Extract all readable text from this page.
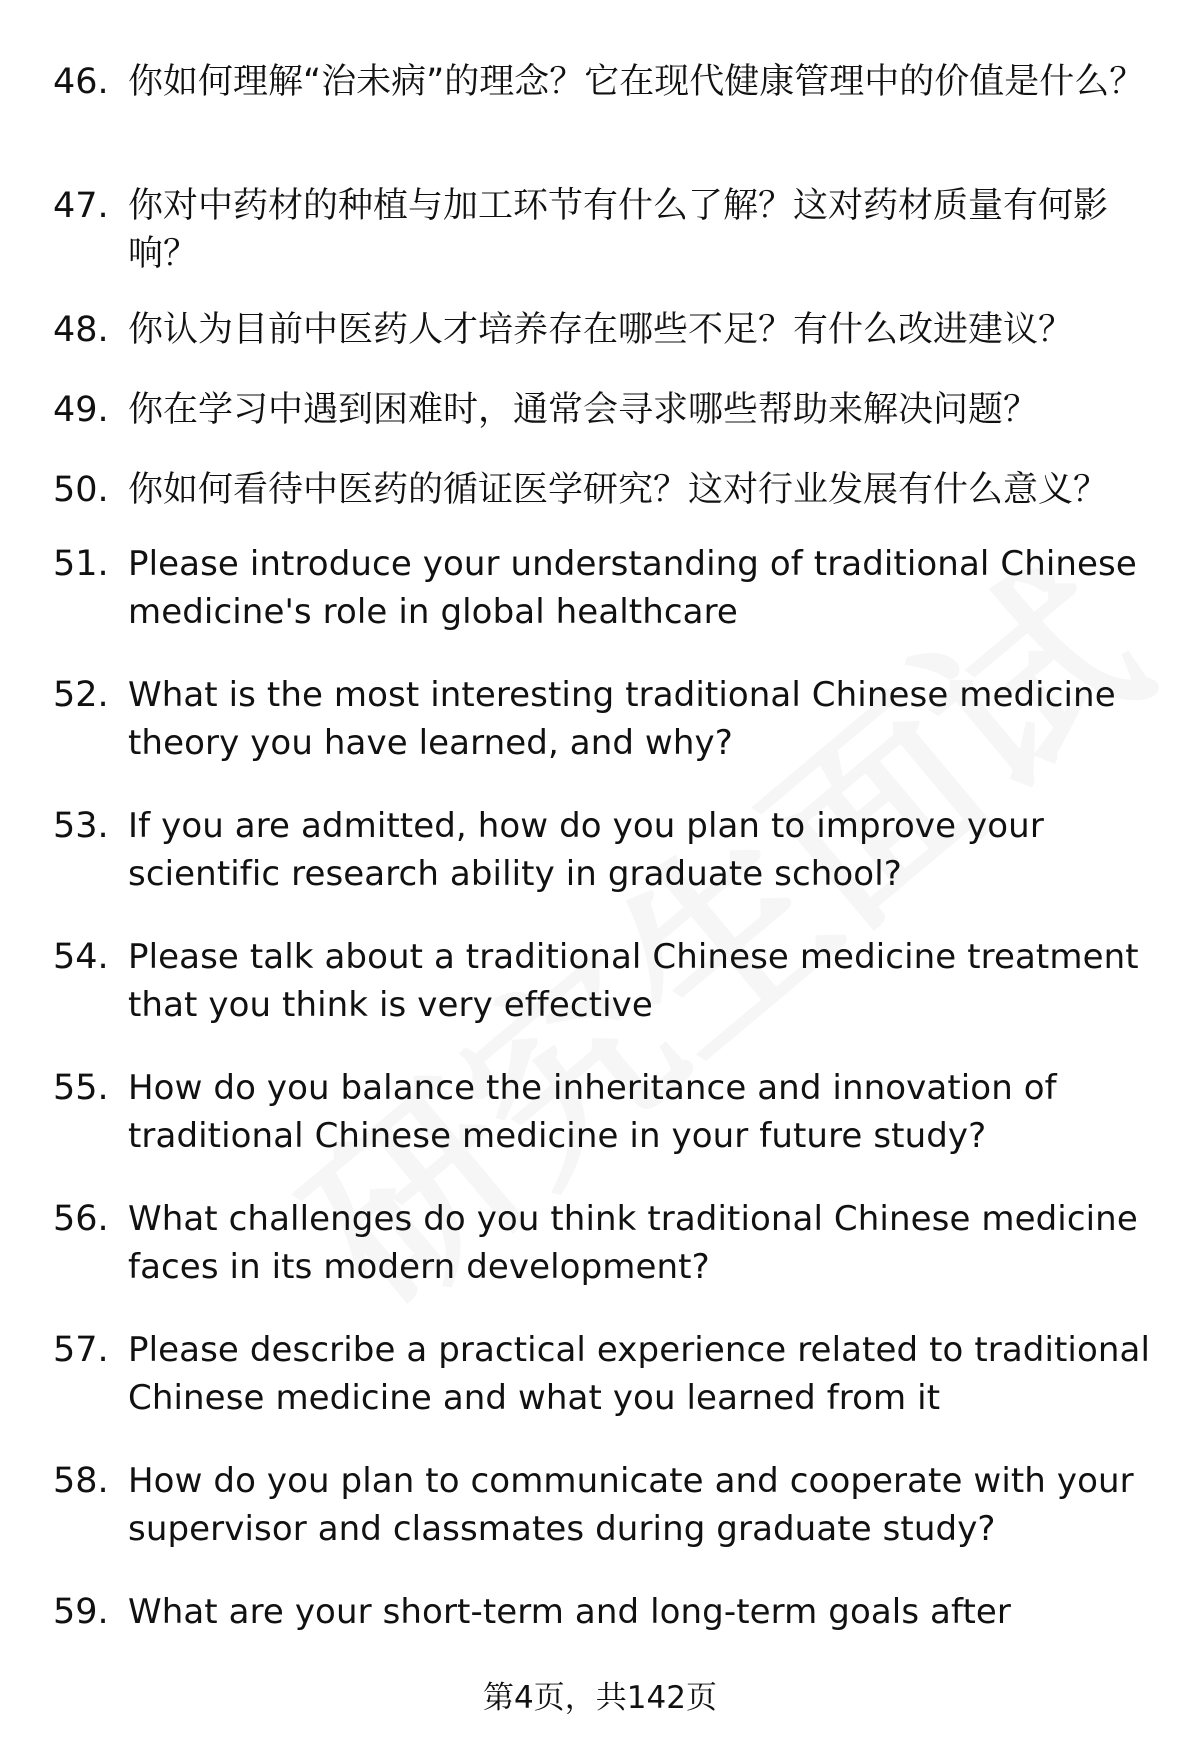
46. 你如何理解“治未病”的理念？它在现代健康管理中的价值是什么？
47. 你对中药材的种植与加工环节有什么了解？这对药材质量有何影响？
48. 你认为目前中医药人才培养存在哪些不足？有什么改进建议？
49. 你在学习中遇到困难时，通常会寻求哪些帮助来解决问题？
50. 你如何看待中医药的循证医学研究？这对行业发展有什么意义？
51. Please introduce your understanding of traditional Chinese medicine's role in global healthcare
52. What is the most interesting traditional Chinese medicine theory you have learned, and why?
53. If you are admitted, how do you plan to improve your scientific research ability in graduate school?
54. Please talk about a traditional Chinese medicine treatment that you think is very effective
55. How do you balance the inheritance and innovation of traditional Chinese medicine in your future study?
56. What challenges do you think traditional Chinese medicine faces in its modern development?
57. Please describe a practical experience related to traditional Chinese medicine and what you learned from it
58. How do you plan to communicate and cooperate with your supervisor and classmates during graduate study?
59. What are your short-term and long-term goals after
第4页，共142页
